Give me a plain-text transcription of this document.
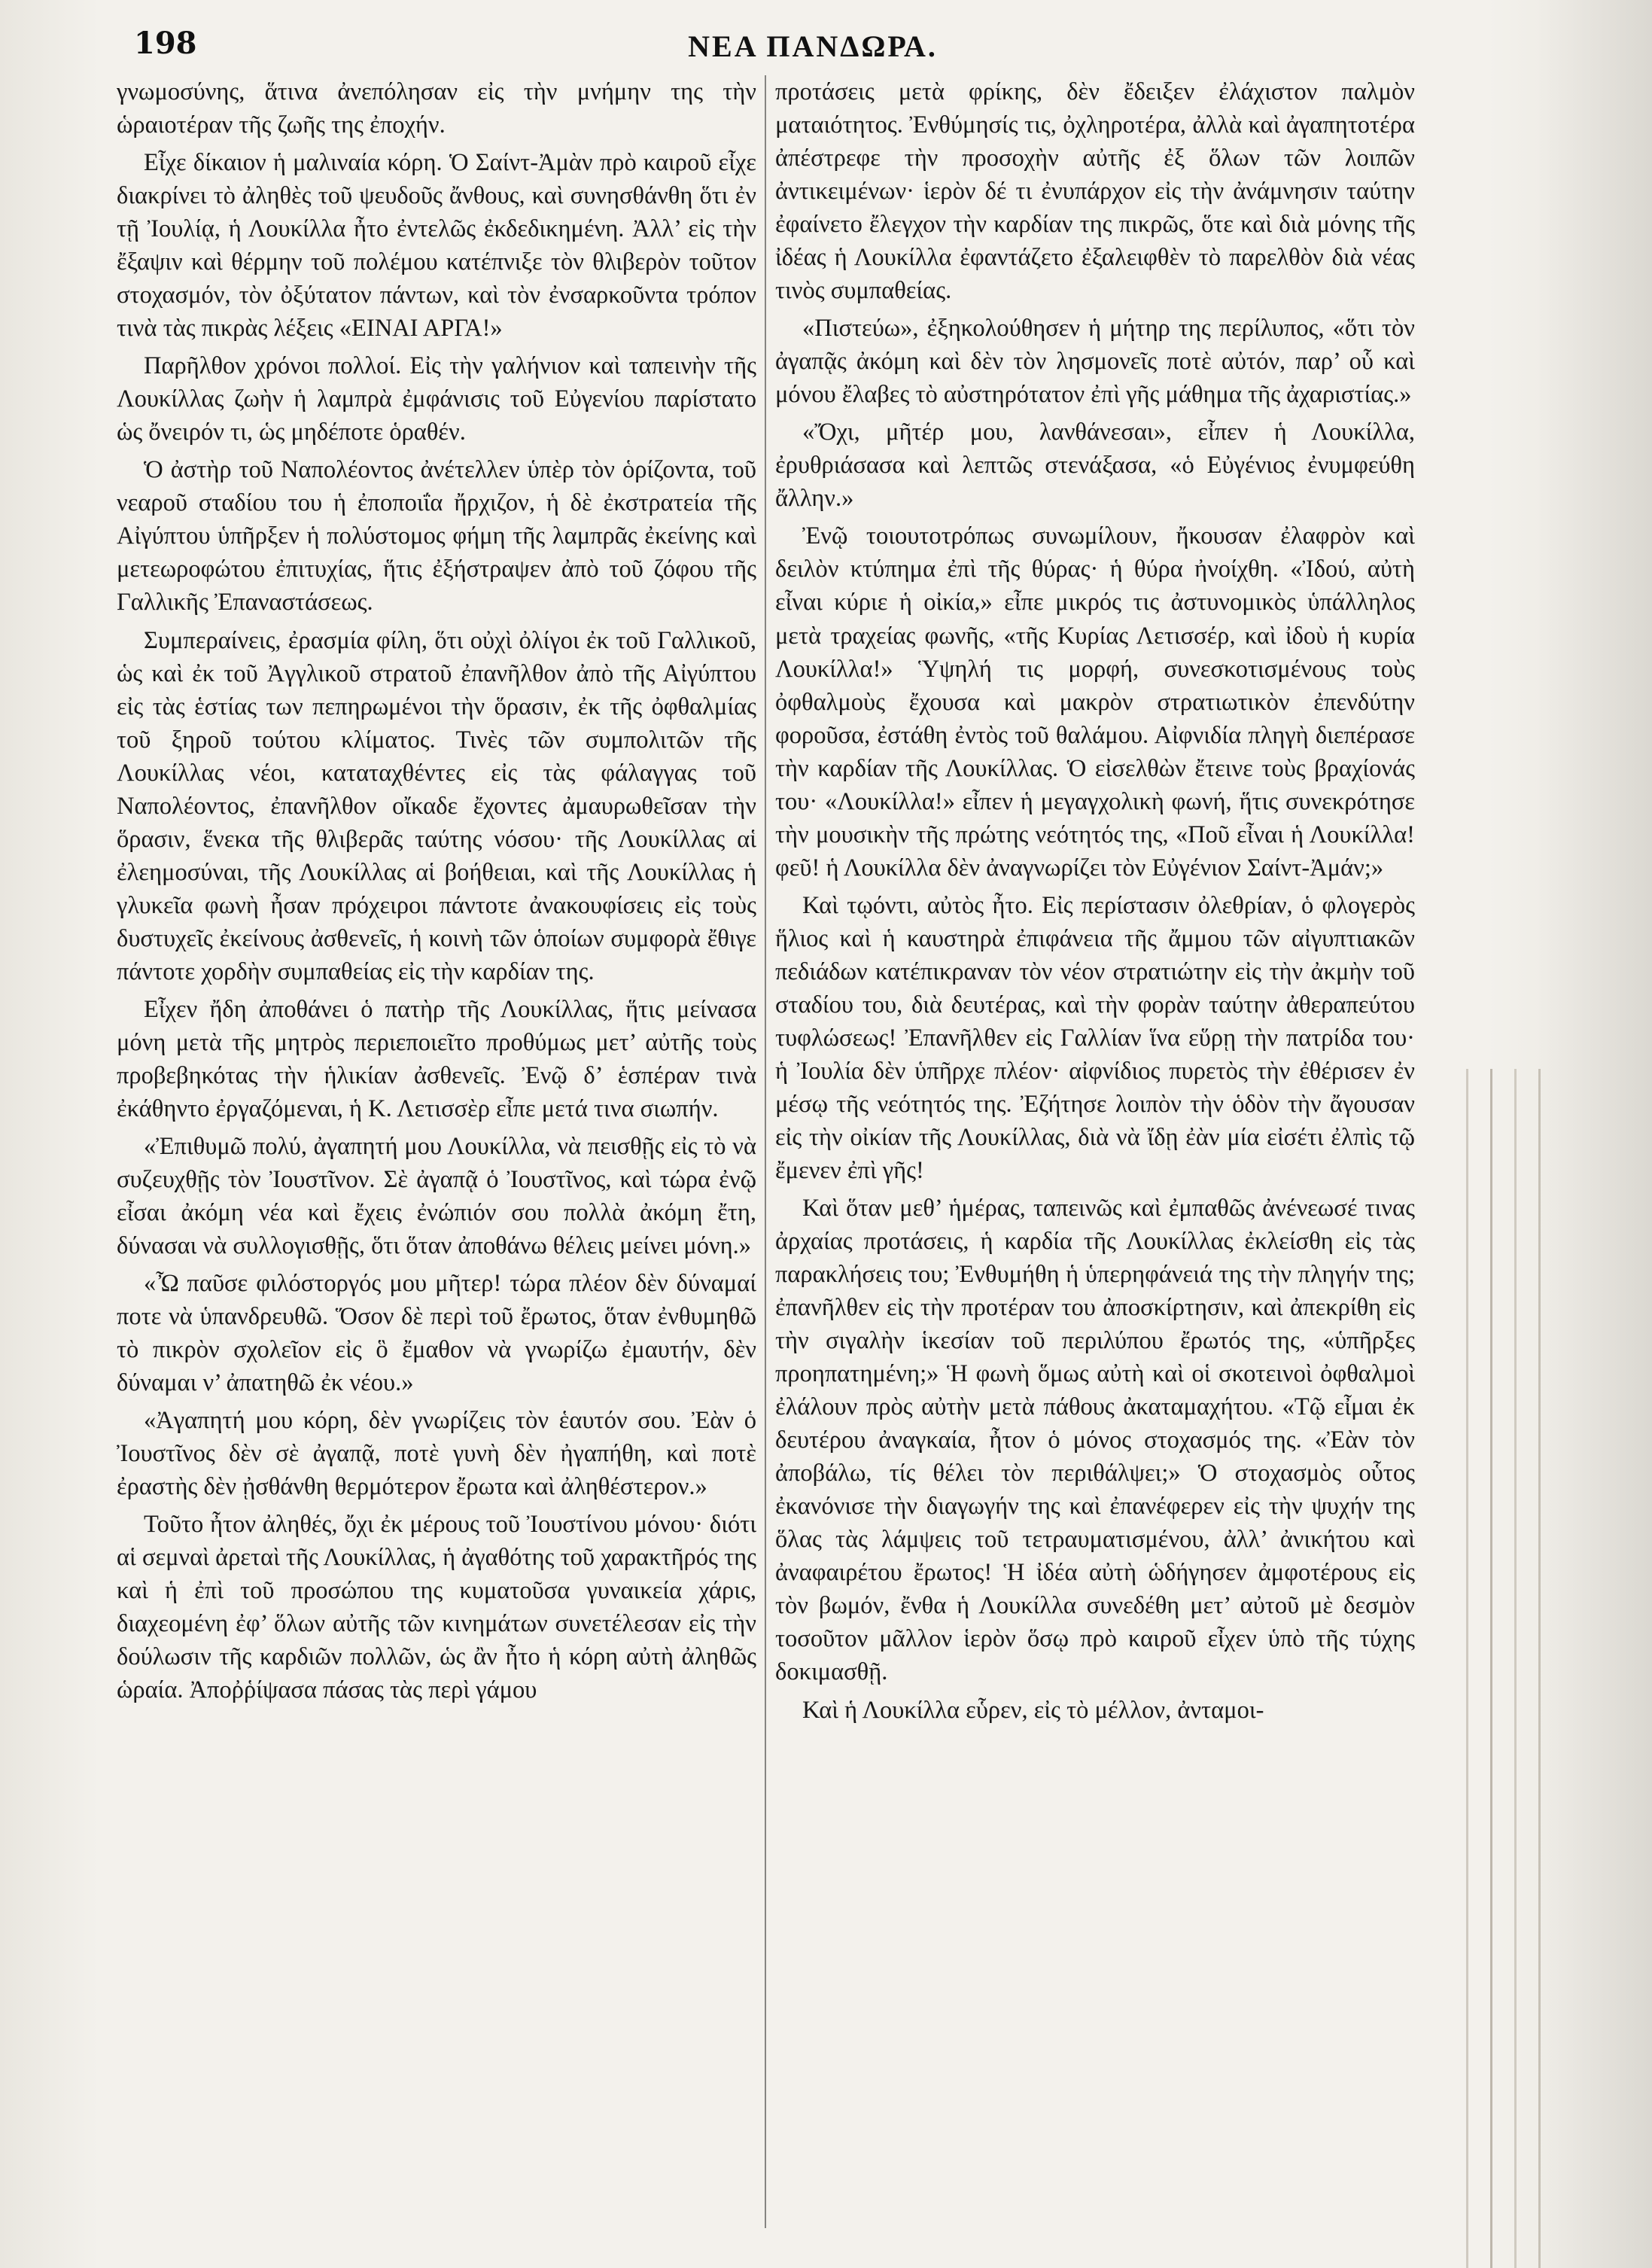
198	ΝΕΑ ΠΑΝΔΩΡΑ.

γνωμοσύνης, ἅτινα ἀνεπόλησαν εἰς τὴν μνήμην της τὴν ὡραιοτέραν τῆς ζωῆς της ἐποχήν.

Εἶχε δίκαιον ἡ μαλιναία κόρη. Ὁ Σαίντ-Ἀμὰν πρὸ καιροῦ εἶχε διακρίνει τὸ ἀληθὲς τοῦ ψευδοῦς ἄνθους, καὶ συνησθάνθη ὅτι ἐν τῇ Ἰουλίᾳ, ἡ Λουκίλλα ἦτο ἐντελῶς ἐκδεδικημένη. Ἀλλ’ εἰς τὴν ἔξαψιν καὶ θέρμην τοῦ πολέμου κατέπνιξε τὸν θλιβερὸν τοῦτον στοχασμόν, τὸν ὀξύτατον πάντων, καὶ τὸν ἐνσαρκοῦντα τρόπον τινὰ τὰς πικρὰς λέξεις «ΕΙΝΑΙ ΑΡΓΑ!»

Παρῆλθον χρόνοι πολλοί. Εἰς τὴν γαλήνιον καὶ ταπεινὴν τῆς Λουκίλλας ζωὴν ἡ λαμπρὰ ἐμφάνισις τοῦ Εὐγενίου παρίστατο ὡς ὄνειρόν τι, ὡς μηδέποτε ὁραθέν.

Ὁ ἀστὴρ τοῦ Ναπολέοντος ἀνέτελλεν ὑπὲρ τὸν ὁρίζοντα, τοῦ νεαροῦ σταδίου του ἡ ἐποποιΐα ἤρχιζον, ἡ δὲ ἐκστρατεία τῆς Αἰγύπτου ὑπῆρξεν ἡ πολύστομος φήμη τῆς λαμπρᾶς ἐκείνης καὶ μετεωροφώτου ἐπιτυχίας, ἥτις ἐξήστραψεν ἀπὸ τοῦ ζόφου τῆς Γαλλικῆς Ἐπαναστάσεως.

Συμπεραίνεις, ἐρασμία φίλη, ὅτι οὐχὶ ὀλίγοι ἐκ τοῦ Γαλλικοῦ, ὡς καὶ ἐκ τοῦ Ἀγγλικοῦ στρατοῦ ἐπανῆλθον ἀπὸ τῆς Αἰγύπτου εἰς τὰς ἑστίας των πεπηρωμένοι τὴν ὅρασιν, ἐκ τῆς ὀφθαλμίας τοῦ ξηροῦ τούτου κλίματος. Τινὲς τῶν συμπολιτῶν τῆς Λουκίλλας νέοι, καταταχθέντες εἰς τὰς φάλαγγας τοῦ Ναπολέοντος, ἐπανῆλθον οἴκαδε ἔχοντες ἀμαυρωθεῖσαν τὴν ὅρασιν, ἕνεκα τῆς θλιβερᾶς ταύτης νόσου· τῆς Λουκίλλας αἱ ἐλεημοσύναι, τῆς Λουκίλλας αἱ βοήθειαι, καὶ τῆς Λουκίλλας ἡ γλυκεῖα φωνὴ ἦσαν πρόχειροι πάντοτε ἀνακουφίσεις εἰς τοὺς δυστυχεῖς ἐκείνους ἀσθενεῖς, ἡ κοινὴ τῶν ὁποίων συμφορὰ ἔθιγε πάντοτε χορδὴν συμπαθείας εἰς τὴν καρδίαν της.

Εἶχεν ἤδη ἀποθάνει ὁ πατὴρ τῆς Λουκίλλας, ἥτις μείνασα μόνη μετὰ τῆς μητρὸς περιεποιεῖτο προθύμως μετ’ αὐτῆς τοὺς προβεβηκότας τὴν ἡλικίαν ἀσθενεῖς. Ἐνῷ δ’ ἑσπέραν τινὰ ἐκάθηντο ἐργαζόμεναι, ἡ Κ. Λετισσὲρ εἶπε μετά τινα σιωπήν.

«Ἐπιθυμῶ πολύ, ἀγαπητή μου Λουκίλλα, νὰ πεισθῇς εἰς τὸ νὰ συζευχθῇς τὸν Ἰουστῖνον. Σὲ ἀγαπᾷ ὁ Ἰουστῖνος, καὶ τώρα ἐνῷ εἶσαι ἀκόμη νέα καὶ ἔχεις ἐνώπιόν σου πολλὰ ἀκόμη ἔτη, δύνασαι νὰ συλλογισθῇς, ὅτι ὅταν ἀποθάνω θέλεις μείνει μόνη.»

«Ὦ παῦσε φιλόστοργός μου μῆτερ! τώρα πλέον δὲν δύναμαί ποτε νὰ ὑπανδρευθῶ. Ὅσον δὲ περὶ τοῦ ἔρωτος, ὅταν ἐνθυμηθῶ τὸ πικρὸν σχολεῖον εἰς ὃ ἔμαθον νὰ γνωρίζω ἐμαυτήν, δὲν δύναμαι ν’ ἀπατηθῶ ἐκ νέου.»

«Ἀγαπητή μου κόρη, δὲν γνωρίζεις τὸν ἑαυτόν σου. Ἐὰν ὁ Ἰουστῖνος δὲν σὲ ἀγαπᾷ, ποτὲ γυνὴ δὲν ἠγαπήθη, καὶ ποτὲ ἐραστὴς δὲν ᾐσθάνθη θερμότερον ἔρωτα καὶ ἀληθέστερον.»

Τοῦτο ἦτον ἀληθές, ὄχι ἐκ μέρους τοῦ Ἰουστίνου μόνου· διότι αἱ σεμναὶ ἀρεταὶ τῆς Λουκίλλας, ἡ ἀγαθότης τοῦ χαρακτῆρός της καὶ ἡ ἐπὶ τοῦ προσώπου της κυματοῦσα γυναικεία χάρις, διαχεομένη ἐφ’ ὅλων αὐτῆς τῶν κινημάτων συνετέλεσαν εἰς τὴν δούλωσιν τῆς καρδιῶν πολλῶν, ὡς ἂν ἦτο ἡ κόρη αὐτὴ ἀληθῶς ὡραία. Ἀποῤῥίψασα πάσας τὰς περὶ γάμου

προτάσεις μετὰ φρίκης, δὲν ἔδειξεν ἐλάχιστον παλμὸν ματαιότητος. Ἐνθύμησίς τις, ὀχληροτέρα, ἀλλὰ καὶ ἀγαπητοτέρα ἀπέστρεφε τὴν προσοχὴν αὐτῆς ἐξ ὅλων τῶν λοιπῶν ἀντικειμένων· ἱερὸν δέ τι ἐνυπάρχον εἰς τὴν ἀνάμνησιν ταύτην ἐφαίνετο ἔλεγχον τὴν καρδίαν της πικρῶς, ὅτε καὶ διὰ μόνης τῆς ἰδέας ἡ Λουκίλλα ἐφαντάζετο ἐξαλειφθὲν τὸ παρελθὸν διὰ νέας τινὸς συμπαθείας.

«Πιστεύω», ἐξηκολούθησεν ἡ μήτηρ της περίλυπος, «ὅτι τὸν ἀγαπᾷς ἀκόμη καὶ δὲν τὸν λησμονεῖς ποτὲ αὐτόν, παρ’ οὗ καὶ μόνου ἔλαβες τὸ αὐστηρότατον ἐπὶ γῆς μάθημα τῆς ἀχαριστίας.»

«Ὄχι, μῆτέρ μου, λανθάνεσαι», εἶπεν ἡ Λουκίλλα, ἐρυθριάσασα καὶ λεπτῶς στενάξασα, «ὁ Εὐγένιος ἐνυμφεύθη ἄλλην.»

Ἐνῷ τοιουτοτρόπως συνωμίλουν, ἤκουσαν ἐλαφρὸν καὶ δειλὸν κτύπημα ἐπὶ τῆς θύρας· ἡ θύρα ἠνοίχθη. «Ἰδού, αὐτὴ εἶναι κύριε ἡ οἰκία,» εἶπε μικρός τις ἀστυνομικὸς ὑπάλληλος μετὰ τραχείας φωνῆς, «τῆς Κυρίας Λετισσέρ, καὶ ἰδοὺ ἡ κυρία Λουκίλλα!» Ὑψηλή τις μορφή, συνεσκοτισμένους τοὺς ὀφθαλμοὺς ἔχουσα καὶ μακρὸν στρατιωτικὸν ἐπενδύτην φοροῦσα, ἐστάθη ἐντὸς τοῦ θαλάμου. Αἰφνιδία πληγὴ διεπέρασε τὴν καρδίαν τῆς Λουκίλλας. Ὁ εἰσελθὼν ἔτεινε τοὺς βραχίονάς του· «Λουκίλλα!» εἶπεν ἡ μεγαγχολικὴ φωνή, ἥτις συνεκρότησε τὴν μουσικὴν τῆς πρώτης νεότητός της, «Ποῦ εἶναι ἡ Λουκίλλα! φεῦ! ἡ Λουκίλλα δὲν ἀναγνωρίζει τὸν Εὐγένιον Σαίντ-Ἀμάν;»

Καὶ τῳόντι, αὐτὸς ἦτο. Εἰς περίστασιν ὀλεθρίαν, ὁ φλογερὸς ἥλιος καὶ ἡ καυστηρὰ ἐπιφάνεια τῆς ἄμμου τῶν αἰγυπτιακῶν πεδιάδων κατέπικραναν τὸν νέον στρατιώτην εἰς τὴν ἀκμὴν τοῦ σταδίου του, διὰ δευτέρας, καὶ τὴν φορὰν ταύτην ἀθεραπεύτου τυφλώσεως! Ἐπανῆλθεν εἰς Γαλλίαν ἵνα εὕρῃ τὴν πατρίδα του· ἡ Ἰουλία δὲν ὑπῆρχε πλέον· αἰφνίδιος πυρετὸς τὴν ἐθέρισεν ἐν μέσῳ τῆς νεότητός της. Ἐζήτησε λοιπὸν τὴν ὁδὸν τὴν ἄγουσαν εἰς τὴν οἰκίαν τῆς Λουκίλλας, διὰ νὰ ἴδῃ ἐὰν μία εἰσέτι ἐλπὶς τῷ ἔμενεν ἐπὶ γῆς!

Καὶ ὅταν μεθ’ ἡμέρας, ταπεινῶς καὶ ἐμπαθῶς ἀνένεωσέ τινας ἀρχαίας προτάσεις, ἡ καρδία τῆς Λουκίλλας ἐκλείσθη εἰς τὰς παρακλήσεις του; Ἐνθυμήθη ἡ ὑπερηφάνειά της τὴν πληγήν της; ἐπανῆλθεν εἰς τὴν προτέραν του ἀποσκίρτησιν, καὶ ἀπεκρίθη εἰς τὴν σιγαλὴν ἱκεσίαν τοῦ περιλύπου ἔρωτός της, «ὑπῆρξες προηπατημένη;» Ἡ φωνὴ ὅμως αὐτὴ καὶ οἱ σκοτεινοὶ ὀφθαλμοὶ ἐλάλουν πρὸς αὐτὴν μετὰ πάθους ἀκαταμαχήτου. «Τῷ εἶμαι ἐκ δευτέρου ἀναγκαία, ἦτον ὁ μόνος στοχασμός της. «Ἐὰν τὸν ἀποβάλω, τίς θέλει τὸν περιθάλψει;» Ὁ στοχασμὸς οὗτος ἐκανόνισε τὴν διαγωγήν της καὶ ἐπανέφερεν εἰς τὴν ψυχήν της ὅλας τὰς λάμψεις τοῦ τετραυματισμένου, ἀλλ’ ἀνικήτου καὶ ἀναφαιρέτου ἔρωτος! Ἡ ἰδέα αὐτὴ ὡδήγησεν ἀμφοτέρους εἰς τὸν βωμόν, ἔνθα ἡ Λουκίλλα συνεδέθη μετ’ αὐτοῦ μὲ δεσμὸν τοσοῦτον μᾶλλον ἱερὸν ὅσῳ πρὸ καιροῦ εἶχεν ὑπὸ τῆς τύχης δοκιμασθῇ.

Καὶ ἡ Λουκίλλα εὗρεν, εἰς τὸ μέλλον, ἀνταμοι-
